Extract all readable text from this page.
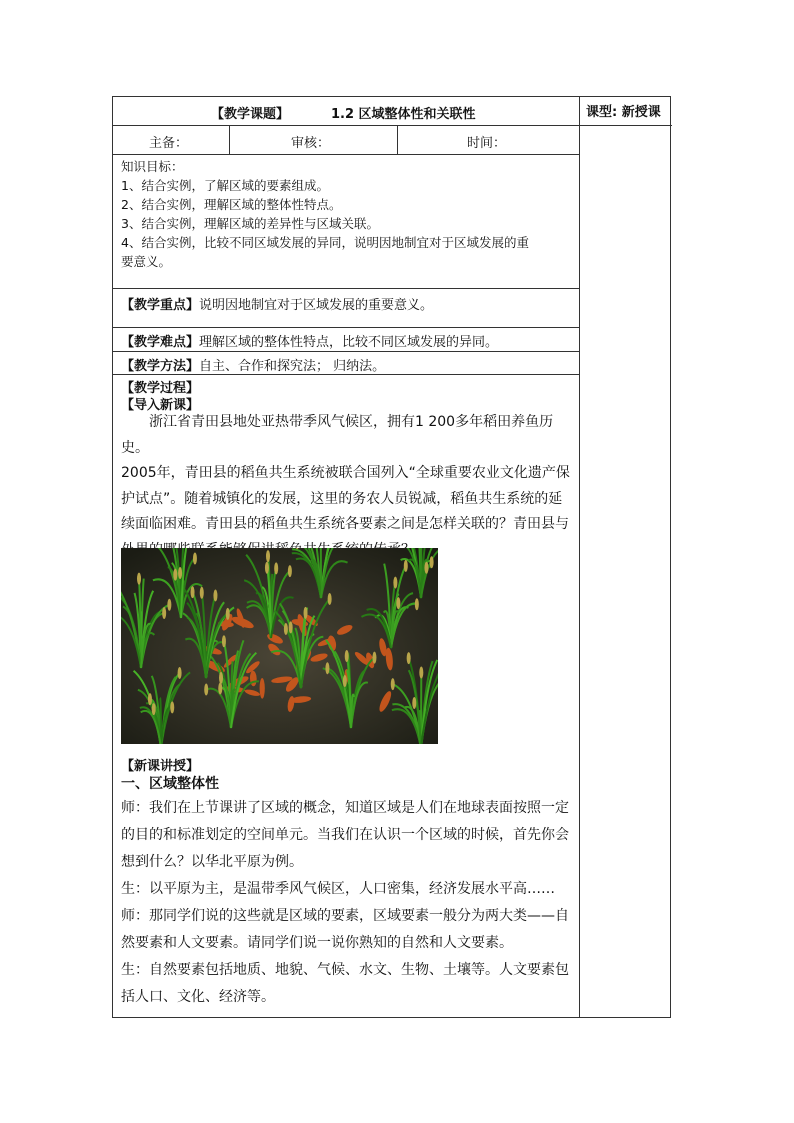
【教学课题】	1.2 区域整体性和关联性	课型: 新授课
主备：	审核：	时间：
知识目标：
1、结合实例，了解区域的要素组成。
2、结合实例，理解区域的整体性特点。
3、结合实例，理解区域的差异性与区域关联。
4、结合实例，比较不同区域发展的异同，说明因地制宜对于区域发展的重
要意义。
【教学重点】说明因地制宜对于区域发展的重要意义。
【教学难点】理解区域的整体性特点，比较不同区域发展的异同。
【教学方法】自主、合作和探究法； 归纳法。
【教学过程】
【导入新课】
　　浙江省青田县地处亚热带季风气候区，拥有1 200多年稻田养鱼历史。
2005年，青田县的稻鱼共生系统被联合国列入“全球重要农业文化遗产保
护试点”。随着城镇化的发展，这里的务农人员锐减，稻鱼共生系统的延
续面临困难。青田县的稻鱼共生系统各要素之间是怎样关联的？青田县与
【新课讲授】
一、区域整体性
师：我们在上节课讲了区域的概念，知道区域是人们在地球表面按照一定
的目的和标准划定的空间单元。当我们在认识一个区域的时候，首先你会
想到什么？以华北平原为例。
生：以平原为主，是温带季风气候区，人口密集，经济发展水平高……
师：那同学们说的这些就是区域的要素，区域要素一般分为两大类——自
然要素和人文要素。请同学们说一说你熟知的自然和人文要素。
生：自然要素包括地质、地貌、气候、水文、生物、土壤等。人文要素包
括人口、文化、经济等。
